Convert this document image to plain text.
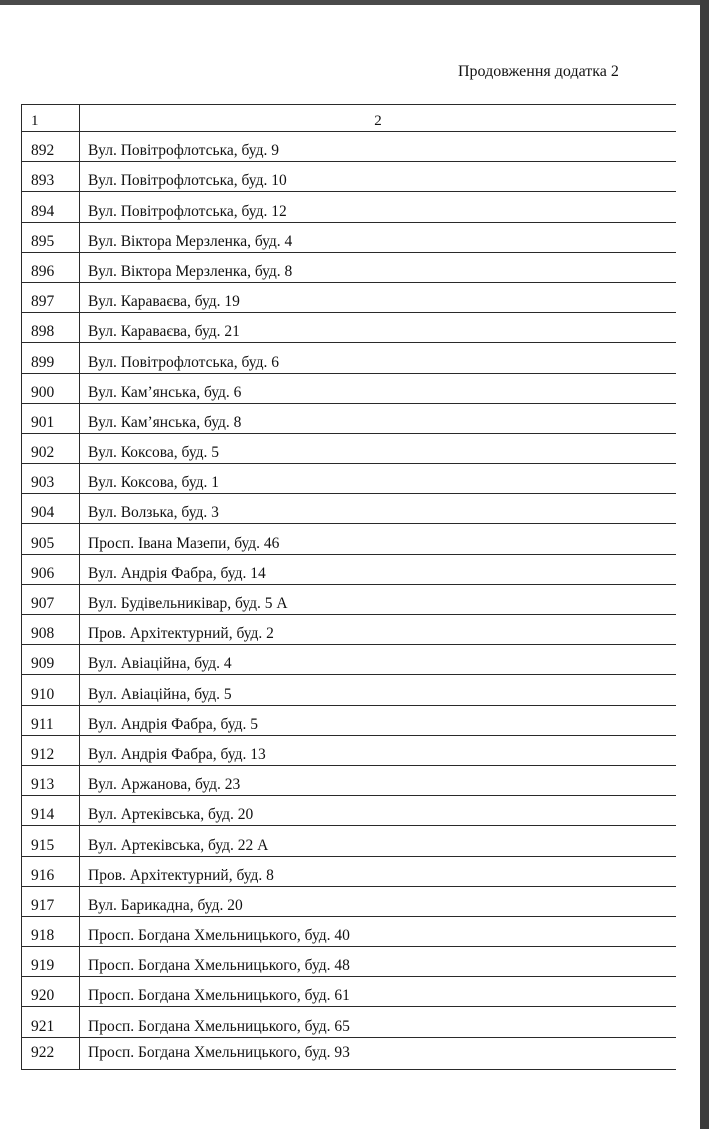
Продовження додатка 2
1	2
892	Вул. Повітрофлотська, буд. 9
893	Вул. Повітрофлотська, буд. 10
894	Вул. Повітрофлотська, буд. 12
895	Вул. Віктора Мерзленка, буд. 4
896	Вул. Віктора Мерзленка, буд. 8
897	Вул. Караваєва, буд. 19
898	Вул. Караваєва, буд. 21
899	Вул. Повітрофлотська, буд. 6
900	Вул. Кам’янська, буд. 6
901	Вул. Кам’янська, буд. 8
902	Вул. Коксова, буд. 5
903	Вул. Коксова, буд. 1
904	Вул. Волзька, буд. 3
905	Просп. Івана Мазепи, буд. 46
906	Вул. Андрія Фабра, буд. 14
907	Вул. Будівельниківар, буд. 5 А
908	Пров. Архітектурний, буд. 2
909	Вул. Авіаційна, буд. 4
910	Вул. Авіаційна, буд. 5
911	Вул. Андрія Фабра, буд. 5
912	Вул. Андрія Фабра, буд. 13
913	Вул. Аржанова, буд. 23
914	Вул. Артеківська, буд. 20
915	Вул. Артеківська, буд. 22 А
916	Пров. Архітектурний, буд. 8
917	Вул. Барикадна, буд. 20
918	Просп. Богдана Хмельницького, буд. 40
919	Просп. Богдана Хмельницького, буд. 48
920	Просп. Богдана Хмельницького, буд. 61
921	Просп. Богдана Хмельницького, буд. 65
922	Просп. Богдана Хмельницького, буд. 93
